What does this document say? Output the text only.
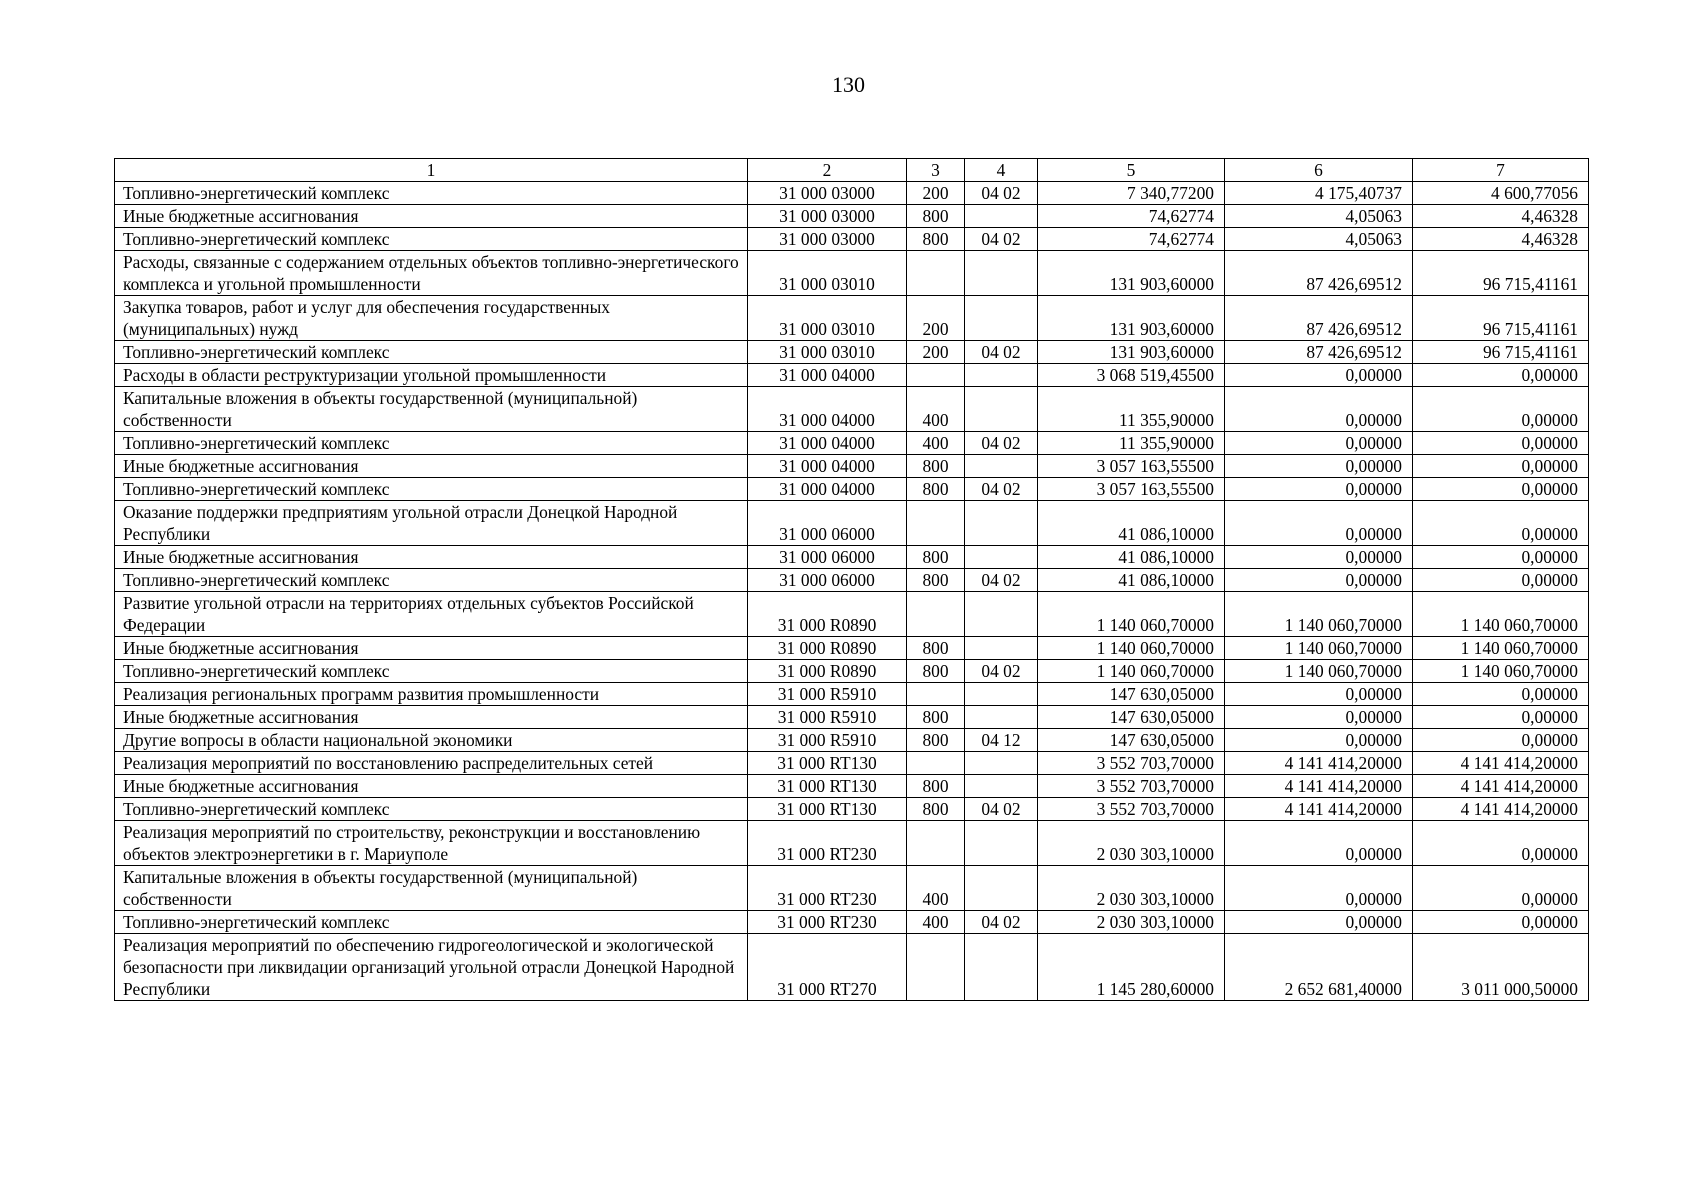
130
1	2	3	4	5	6	7
Топливно-энергетический комплекс	31 000 03000	200	04 02	7 340,77200	4 175,40737	4 600,77056
Иные бюджетные ассигнования	31 000 03000	800		74,62774	4,05063	4,46328
Топливно-энергетический комплекс	31 000 03000	800	04 02	74,62774	4,05063	4,46328
Расходы, связанные с содержанием отдельных объектов топливно-энергетического комплекса и угольной промышленности	31 000 03010			131 903,60000	87 426,69512	96 715,41161
Закупка товаров, работ и услуг для обеспечения государственных (муниципальных) нужд	31 000 03010	200		131 903,60000	87 426,69512	96 715,41161
Топливно-энергетический комплекс	31 000 03010	200	04 02	131 903,60000	87 426,69512	96 715,41161
Расходы в области реструктуризации угольной промышленности	31 000 04000			3 068 519,45500	0,00000	0,00000
Капитальные вложения в объекты государственной (муниципальной) собственности	31 000 04000	400		11 355,90000	0,00000	0,00000
Топливно-энергетический комплекс	31 000 04000	400	04 02	11 355,90000	0,00000	0,00000
Иные бюджетные ассигнования	31 000 04000	800		3 057 163,55500	0,00000	0,00000
Топливно-энергетический комплекс	31 000 04000	800	04 02	3 057 163,55500	0,00000	0,00000
Оказание поддержки предприятиям угольной отрасли Донецкой Народной Республики	31 000 06000			41 086,10000	0,00000	0,00000
Иные бюджетные ассигнования	31 000 06000	800		41 086,10000	0,00000	0,00000
Топливно-энергетический комплекс	31 000 06000	800	04 02	41 086,10000	0,00000	0,00000
Развитие угольной отрасли на территориях отдельных субъектов Российской Федерации	31 000 R0890			1 140 060,70000	1 140 060,70000	1 140 060,70000
Иные бюджетные ассигнования	31 000 R0890	800		1 140 060,70000	1 140 060,70000	1 140 060,70000
Топливно-энергетический комплекс	31 000 R0890	800	04 02	1 140 060,70000	1 140 060,70000	1 140 060,70000
Реализация региональных программ развития промышленности	31 000 R5910			147 630,05000	0,00000	0,00000
Иные бюджетные ассигнования	31 000 R5910	800		147 630,05000	0,00000	0,00000
Другие вопросы в области национальной экономики	31 000 R5910	800	04 12	147 630,05000	0,00000	0,00000
Реализация мероприятий по восстановлению распределительных сетей	31 000 RT130			3 552 703,70000	4 141 414,20000	4 141 414,20000
Иные бюджетные ассигнования	31 000 RT130	800		3 552 703,70000	4 141 414,20000	4 141 414,20000
Топливно-энергетический комплекс	31 000 RT130	800	04 02	3 552 703,70000	4 141 414,20000	4 141 414,20000
Реализация мероприятий по строительству, реконструкции и восстановлению объектов электроэнергетики в г. Мариуполе	31 000 RT230			2 030 303,10000	0,00000	0,00000
Капитальные вложения в объекты государственной (муниципальной) собственности	31 000 RT230	400		2 030 303,10000	0,00000	0,00000
Топливно-энергетический комплекс	31 000 RT230	400	04 02	2 030 303,10000	0,00000	0,00000
Реализация мероприятий по обеспечению гидрогеологической и экологической безопасности при ликвидации организаций угольной отрасли Донецкой Народной Республики	31 000 RT270			1 145 280,60000	2 652 681,40000	3 011 000,50000
